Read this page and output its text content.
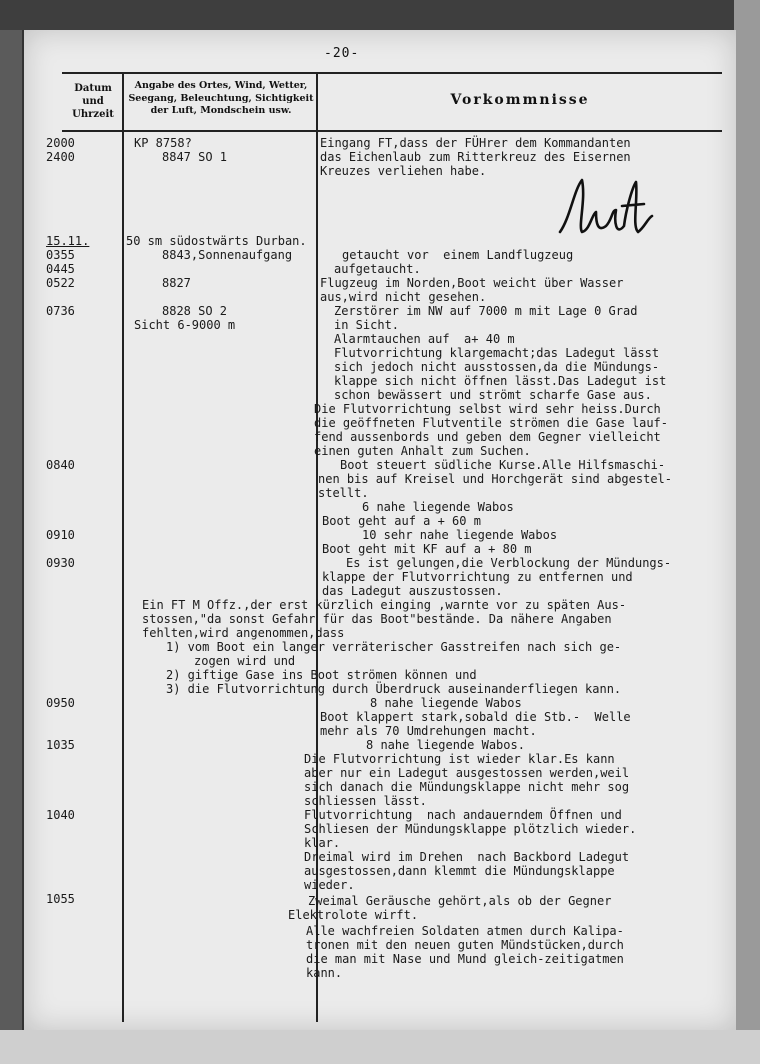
-20-
Datum
und
Uhrzeit
Angabe des Ortes, Wind, Wetter,
Seegang, Beleuchtung, Sichtigkeit
der Luft, Mondschein usw.
Vorkommnisse
2000
2400
15.11.
0355
0445
0522
0736
0840
0910
0930
0950
1035
1040
1055
KP 8758?
8847 SO 1
50 sm südostwärts Durban.
8843,Sonnenaufgang
8827
8828 SO 2
Sicht 6-9000 m
Eingang FT,dass der FÜHrer dem Kommandanten
das Eichenlaub zum Ritterkreuz des Eisernen
Kreuzes verliehen habe.
getaucht vor  einem Landflugzeug
aufgetaucht.
Flugzeug im Norden,Boot weicht über Wasser
aus,wird nicht gesehen.
Zerstörer im NW auf 7000 m mit Lage 0 Grad
in Sicht.
Alarmtauchen auf  a+ 40 m
Flutvorrichtung klargemacht;das Ladegut lässt
sich jedoch nicht ausstossen,da die Mündungs-
klappe sich nicht öffnen lässt.Das Ladegut ist
schon bewässert und strömt scharfe Gase aus.
Die Flutvorrichtung selbst wird sehr heiss.Durch
die geöffneten Flutventile strömen die Gase lauf-
fend aussenbords und geben dem Gegner vielleicht
einen guten Anhalt zum Suchen.
Boot steuert südliche Kurse.Alle Hilfsmaschi-
nen bis auf Kreisel und Horchgerät sind abgestel-
stellt.
6 nahe liegende Wabos
Boot geht auf a + 60 m
10 sehr nahe liegende Wabos
Boot geht mit KF auf a + 80 m
Es ist gelungen,die Verblockung der Mündungs-
klappe der Flutvorrichtung zu entfernen und
das Ladegut auszustossen.
Ein FT M Offz.,der erst kürzlich einging ,warnte vor zu späten Aus-
stossen,"da sonst Gefahr für das Boot"bestände. Da nähere Angaben
fehlten,wird angenommen,dass
1) vom Boot ein langer verräterischer Gasstreifen nach sich ge-
zogen wird und
2) giftige Gase ins Boot strömen können und
3) die Flutvorrichtung durch Überdruck auseinanderfliegen kann.
8 nahe liegende Wabos
Boot klappert stark,sobald die Stb.-  Welle
mehr als 70 Umdrehungen macht.
8 nahe liegende Wabos.
Die Flutvorrichtung ist wieder klar.Es kann
aber nur ein Ladegut ausgestossen werden,weil
sich danach die Mündungsklappe nicht mehr sog
schliessen lässt.
Flutvorrichtung  nach andauerndem Öffnen und
Schliesen der Mündungsklappe plötzlich wieder.
klar.
Dreimal wird im Drehen  nach Backbord Ladegut
ausgestossen,dann klemmt die Mündungsklappe
wieder.
Zweimal Geräusche gehört,als ob der Gegner
Elektrolote wirft.
Alle wachfreien Soldaten atmen durch Kalipa-
tronen mit den neuen guten Mündstücken,durch
die man mit Nase und Mund gleich-zeitigatmen
kann.
